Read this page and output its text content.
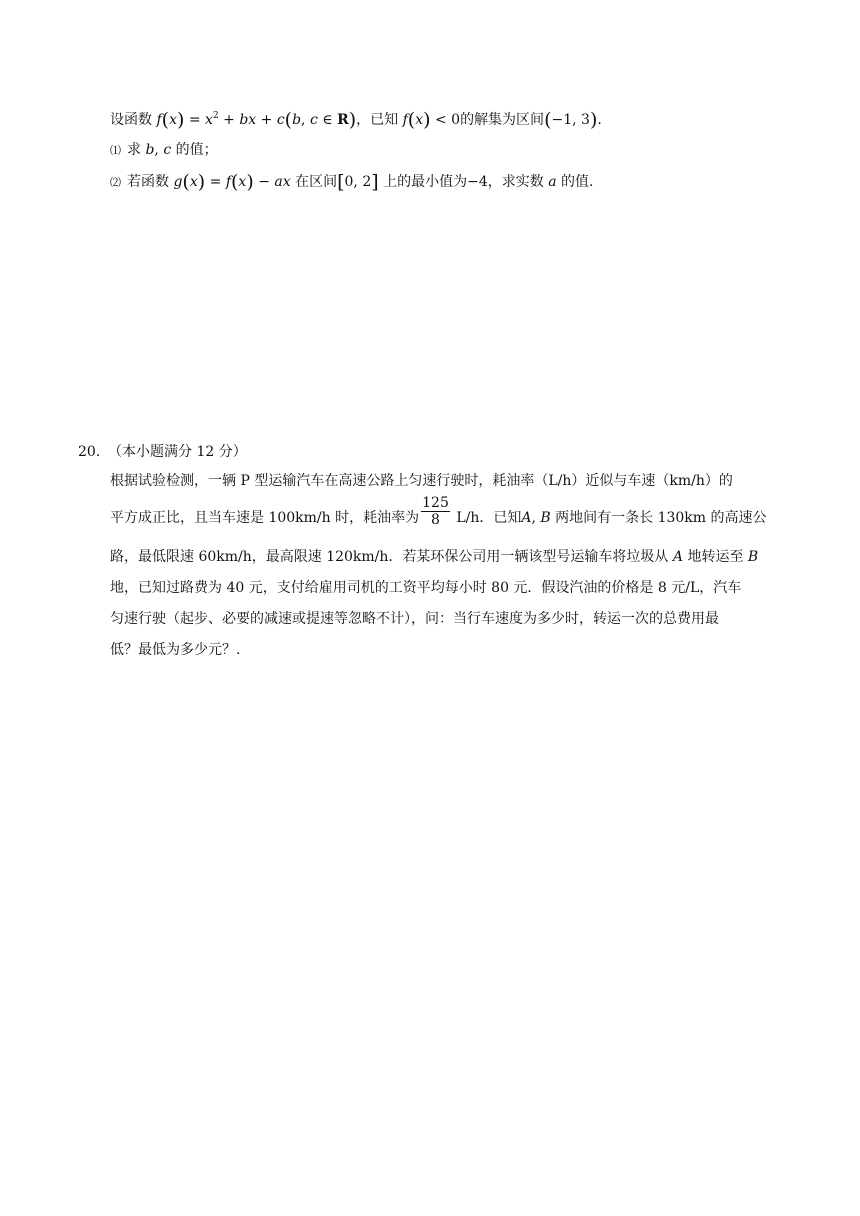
设函数 $f(x) = x^2$ + bx + c(b, c ∈ R)，已知 f(x) < 0的解集为区间(−1, 3).
⑴ 求 b, c 的值；
⑵ 若函数 g(x) = f(x) − ax 在区间[0, 2] 上的最小值为−4，求实数 a 的值.
20. （本小题满分 12 分）
根据试验检测，一辆 P 型运输汽车在高速公路上匀速行驶时，耗油率（L/h）近似与车速（km/h）的
平方成正比，且当车速是 100km/h 时，耗油率为 $\frac{125}{8} L/h$．已知A, B 两地间有一条长 130km 的高速公
路，最低限速 60km/h，最高限速 120km/h．若某环保公司用一辆该型号运输车将垃圾从 A 地转运至 B
地，已知过路费为 40 元，支付给雇用司机的工资平均每小时 80 元．假设汽油的价格是 8 元/L，汽车
匀速行驶（起步、必要的减速或提速等忽略不计），问：当行车速度为多少时，转运一次的总费用最
低？最低为多少元？.
